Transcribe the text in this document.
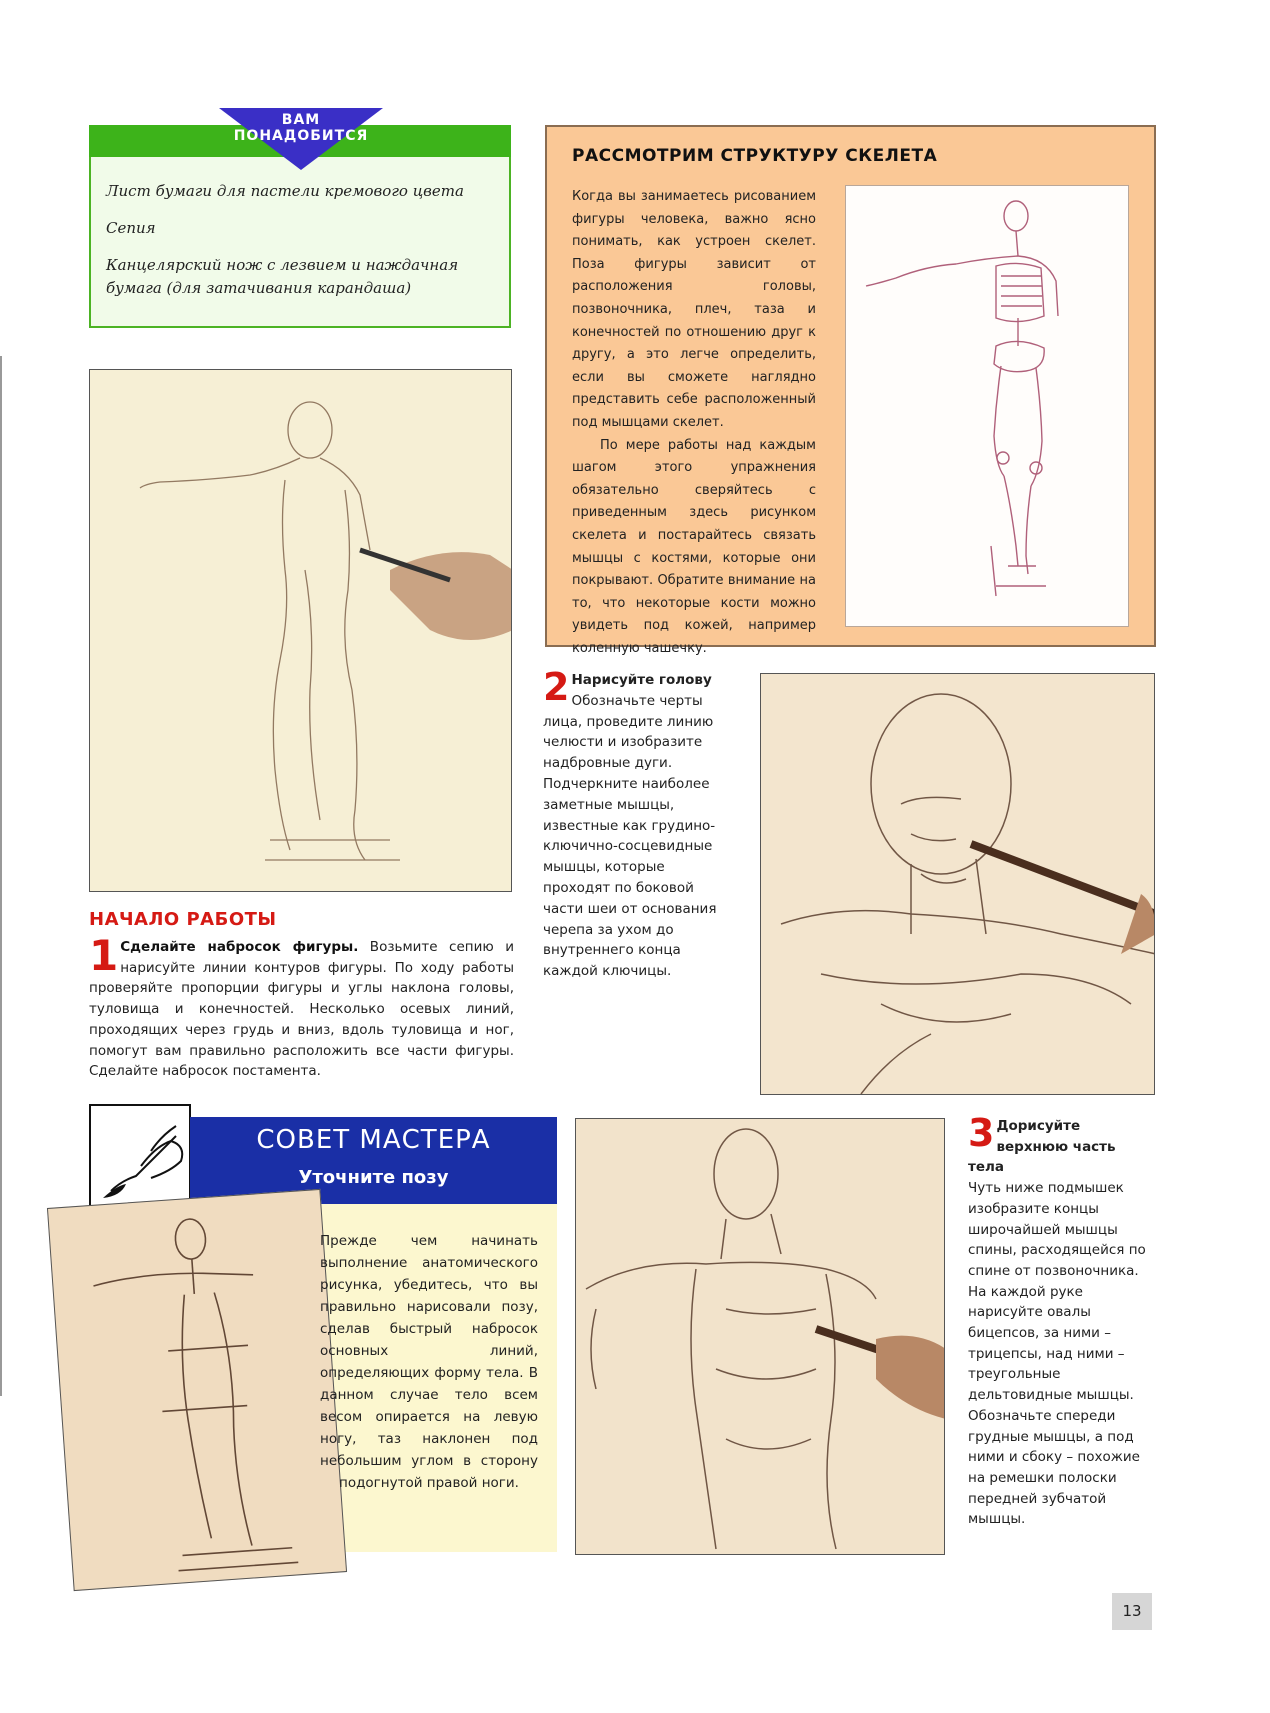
ВАМ ПОНАДОБИТСЯ

Лист бумаги для пастели кремового цвета

Сепия

Канцелярский нож с лезвием и наждачная бумага (для затачивания карандаша)

РАССМОТРИМ СТРУКТУРУ СКЕЛЕТА

Когда вы занимаетесь рисованием фигуры человека, важно ясно понимать, как устроен скелет. Поза фигуры зависит от расположения головы, позвоночника, плеч, таза и конечностей по отношению друг к другу, а это легче определить, если вы сможете наглядно представить себе расположенный под мышцами скелет.

По мере работы над каждым шагом этого упражнения обязательно сверяйтесь с приведенным здесь рисунком скелета и постарайтесь связать мышцы с костями, которые они покрывают. Обратите внимание на то, что некоторые кости можно увидеть под кожей, например коленную чашечку.

НАЧАЛО РАБОТЫ
1 Сделайте набросок фигуры. Возьмите сепию и нарисуйте линии контуров фигуры. По ходу работы проверяйте пропорции фигуры и углы наклона головы, туловища и конечностей. Несколько осевых линий, проходящих через грудь и вниз, вдоль туловища и ног, помогут вам правильно расположить все части фигуры. Сделайте набросок постамента.
2 Нарисуйте голову
Обозначьте черты лица, проведите линию челюсти и изобразите надбровные дуги. Подчеркните наиболее заметные мышцы, известные как грудино-ключично-сосцевидные мышцы, которые проходят по боковой части шеи от основания черепа за ухом до внутреннего конца каждой ключицы.
3 Дорисуйте верхнюю часть тела
Чуть ниже подмышек изобразите концы широчайшей мышцы спины, расходящейся по спине от позвоночника. На каждой руке нарисуйте овалы бицепсов, за ними – трицепсы, над ними – треугольные дельтовидные мышцы. Обозначьте спереди грудные мышцы, а под ними и сбоку – похожие на ремешки полоски передней зубчатой мышцы.
СОВЕТ МАСТЕРА
Уточните позу

Прежде чем начинать выполнение анатомического рисунка, убедитесь, что вы правильно нарисовали позу, сделав быстрый набросок основных линий, определяющих форму тела. В данном случае тело всем весом опирается на левую ногу, таз наклонен под небольшим углом в сторону подогнутой правой ноги.

13
